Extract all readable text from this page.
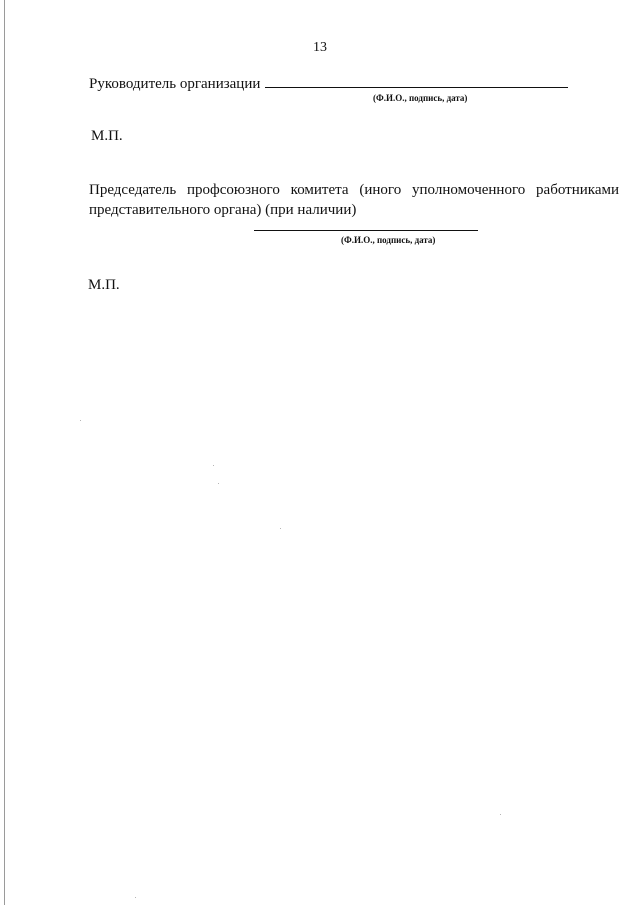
13
Руководитель организации
(Ф.И.О., подпись, дата)
М.П.
Председатель профсоюзного комитета (иного уполномоченного работниками представительного органа) (при наличии)
(Ф.И.О., подпись, дата)
М.П.
